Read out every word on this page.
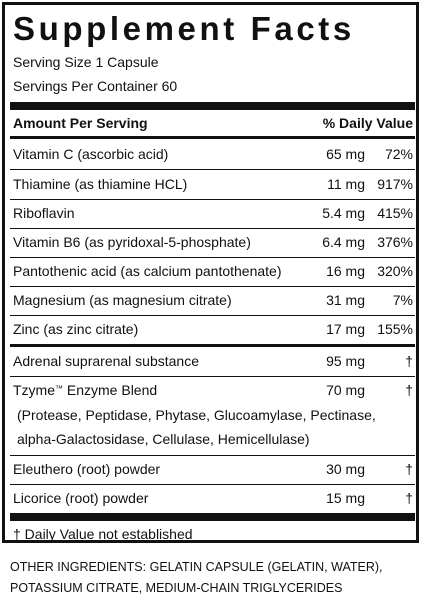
Supplement Facts
Serving Size 1 Capsule
Servings Per Container 60
Amount Per Serving	% Daily Value
Vitamin C (ascorbic acid)	65 mg 72%
Thiamine (as thiamine HCL)	11 mg 917%
Riboflavin	5.4 mg 415%
Vitamin B6 (as pyridoxal-5-phosphate)	6.4 mg 376%
Pantothenic acid (as calcium pantothenate)	16 mg 320%
Magnesium (as magnesium citrate)	31 mg 7%
Zinc (as zinc citrate)	17 mg 155%
Adrenal suprarenal substance	95 mg	†
Tzyme™ Enzyme Blend	70 mg	†
(Protease, Peptidase, Phytase, Glucoamylase, Pectinase,
alpha-Galactosidase, Cellulase, Hemicellulase)
Eleuthero (root) powder	30 mg	†
Licorice (root) powder	15 mg	†
† Daily Value not established
OTHER INGREDIENTS: GELATIN CAPSULE (GELATIN, WATER),
POTASSIUM CITRATE, MEDIUM-CHAIN TRIGLYCERIDES
